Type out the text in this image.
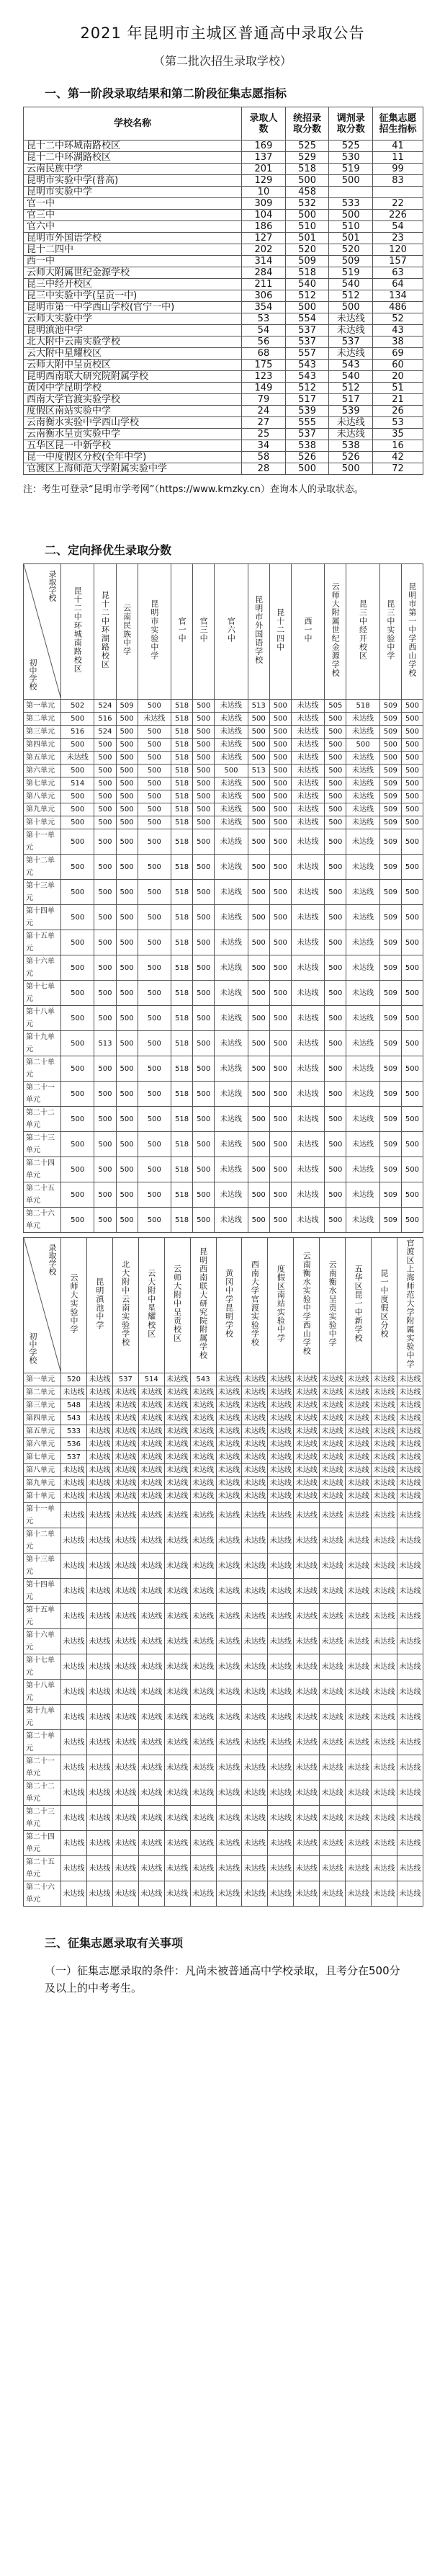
2021 年昆明市主城区普通高中录取公告
（第二批次招生录取学校）
一、第一阶段录取结果和第二阶段征集志愿指标
学校名称	录取人数	统招录取分数	调剂录取分数	征集志愿招生指标
昆十二中环城南路校区	169	525	525	41
昆十二中环湖路校区	137	529	530	11
云南民族中学	201	518	519	99
昆明市实验中学(普高)	129	500	500	83
昆明市实验中学	10	458		
官一中	309	532	533	22
官三中	104	500	500	226
官六中	186	510	510	54
昆明市外国语学校	127	501	501	23
昆十二四中	202	520	520	120
西一中	314	509	509	157
云师大附属世纪金源学校	284	518	519	63
昆三中经开校区	211	540	540	64
昆三中实验中学(呈贡一中)	306	512	512	134
昆明市第一中学西山学校(官宁一中)	354	500	500	486
云师大实验中学	53	554	未达线	52
昆明滇池中学	54	537	未达线	43
北大附中云南实验学校	56	537	537	38
云大附中星耀校区	68	557	未达线	69
云师大附中呈贡校区	175	543	543	60
昆明西南联大研究院附属学校	123	543	540	20
黄冈中学昆明学校	149	512	512	51
西南大学官渡实验学校	79	517	517	21
度假区南站实验中学	24	539	539	26
云南衡水实验中学西山学校	27	555	未达线	53
云南衡水呈贡实验中学	25	537	未达线	35
五华区昆一中新学校	34	538	538	16
昆一中度假区分校(全年中学)	58	526	526	42
官渡区上海师范大学附属实验中学	28	500	500	72
注：考生可登录“昆明市学考网”（https://www.kmzky.cn）查询本人的录取状态。
二、定向择优生录取分数
录取学校
初中学校	昆十二中环城南路校区	昆十二中环湖路校区	云南民族中学	昆明市实验中学	官一中	官三中	官六中	昆明市外国语学校	昆十二四中	西一中	云师大附属世纪金源学校	昆三中经开校区	昆三中实验中学	昆明市第一中学西山学校
第一单元	502	524	509	500	518	500	未达线	513	500	未达线	505	518	509	500
第二单元	500	516	500	未达线	518	500	未达线	500	500	未达线	500	未达线	509	500
第三单元	516	524	500	500	518	500	未达线	500	500	未达线	500	未达线	509	500
第四单元	500	500	500	500	518	500	未达线	500	500	未达线	500	500	500	500
第五单元	未达线	500	500	500	518	500	未达线	500	500	未达线	500	未达线	500	500
第六单元	500	500	500	500	518	500	500	513	500	未达线	500	未达线	509	500
第七单元	514	500	500	500	518	500	未达线	500	500	未达线	500	未达线	509	500
第八单元	500	500	500	500	518	500	未达线	500	500	未达线	500	未达线	509	500
第九单元	500	500	500	500	518	500	未达线	500	500	未达线	500	未达线	509	500
第十单元	500	500	500	500	518	500	未达线	500	500	未达线	500	未达线	509	500
第十一单元	500	500	500	500	518	500	未达线	500	500	未达线	500	未达线	509	500
第十二单元	500	500	500	500	518	500	未达线	500	500	未达线	500	未达线	509	500
第十三单元	500	500	500	500	518	500	未达线	500	500	未达线	500	未达线	509	500
第十四单元	500	500	500	500	518	500	未达线	500	500	未达线	500	未达线	509	500
第十五单元	500	500	500	500	518	500	未达线	500	500	未达线	500	未达线	509	500
第十六单元	500	500	500	500	518	500	未达线	500	500	未达线	500	未达线	509	500
第十七单元	500	500	500	500	518	500	未达线	500	500	未达线	500	未达线	509	500
第十八单元	500	500	500	500	518	500	未达线	500	500	未达线	500	未达线	509	500
第十九单元	500	513	500	500	518	500	未达线	500	500	未达线	500	未达线	509	500
第二十单元	500	500	500	500	518	500	未达线	500	500	未达线	500	未达线	509	500
第二十一单元	500	500	500	500	518	500	未达线	500	500	未达线	500	未达线	509	500
第二十二单元	500	500	500	500	518	500	未达线	500	500	未达线	500	未达线	509	500
第二十三单元	500	500	500	500	518	500	未达线	500	500	未达线	500	未达线	509	500
第二十四单元	500	500	500	500	518	500	未达线	500	500	未达线	500	未达线	509	500
第二十五单元	500	500	500	500	518	500	未达线	500	500	未达线	500	未达线	509	500
第二十六单元	500	500	500	500	518	500	未达线	500	500	未达线	500	未达线	509	500
录取学校
初中学校	云师大实验中学	昆明滇池中学	北大附中云南实验学校	云大附中星耀校区	云师大附中呈贡校区	昆明西南联大研究院附属学校	黄冈中学昆明学校	西南大学官渡实验学校	度假区南站实验中学	云南衡水实验中学西山学校	云南衡水呈贡实验中学	五华区昆一中新学校	昆一中度假区分校	官渡区上海师范大学附属实验中学
第一单元	520	未达线	537	514	未达线	543	未达线	未达线	未达线	未达线	未达线	未达线	未达线	未达线
第二单元	未达线	未达线	未达线	未达线	未达线	未达线	未达线	未达线	未达线	未达线	未达线	未达线	未达线	未达线
第三单元	548	未达线	未达线	未达线	未达线	未达线	未达线	未达线	未达线	未达线	未达线	未达线	未达线	未达线
第四单元	543	未达线	未达线	未达线	未达线	未达线	未达线	未达线	未达线	未达线	未达线	未达线	未达线	未达线
第五单元	533	未达线	未达线	未达线	未达线	未达线	未达线	未达线	未达线	未达线	未达线	未达线	未达线	未达线
第六单元	536	未达线	未达线	未达线	未达线	未达线	未达线	未达线	未达线	未达线	未达线	未达线	未达线	未达线
第七单元	537	未达线	未达线	未达线	未达线	未达线	未达线	未达线	未达线	未达线	未达线	未达线	未达线	未达线
第八单元	未达线	未达线	未达线	未达线	未达线	未达线	未达线	未达线	未达线	未达线	未达线	未达线	未达线	未达线
第九单元	未达线	未达线	未达线	未达线	未达线	未达线	未达线	未达线	未达线	未达线	未达线	未达线	未达线	未达线
第十单元	未达线	未达线	未达线	未达线	未达线	未达线	未达线	未达线	未达线	未达线	未达线	未达线	未达线	未达线
第十一单元	未达线	未达线	未达线	未达线	未达线	未达线	未达线	未达线	未达线	未达线	未达线	未达线	未达线	未达线
第十二单元	未达线	未达线	未达线	未达线	未达线	未达线	未达线	未达线	未达线	未达线	未达线	未达线	未达线	未达线
第十三单元	未达线	未达线	未达线	未达线	未达线	未达线	未达线	未达线	未达线	未达线	未达线	未达线	未达线	未达线
第十四单元	未达线	未达线	未达线	未达线	未达线	未达线	未达线	未达线	未达线	未达线	未达线	未达线	未达线	未达线
第十五单元	未达线	未达线	未达线	未达线	未达线	未达线	未达线	未达线	未达线	未达线	未达线	未达线	未达线	未达线
第十六单元	未达线	未达线	未达线	未达线	未达线	未达线	未达线	未达线	未达线	未达线	未达线	未达线	未达线	未达线
第十七单元	未达线	未达线	未达线	未达线	未达线	未达线	未达线	未达线	未达线	未达线	未达线	未达线	未达线	未达线
第十八单元	未达线	未达线	未达线	未达线	未达线	未达线	未达线	未达线	未达线	未达线	未达线	未达线	未达线	未达线
第十九单元	未达线	未达线	未达线	未达线	未达线	未达线	未达线	未达线	未达线	未达线	未达线	未达线	未达线	未达线
第二十单元	未达线	未达线	未达线	未达线	未达线	未达线	未达线	未达线	未达线	未达线	未达线	未达线	未达线	未达线
第二十一单元	未达线	未达线	未达线	未达线	未达线	未达线	未达线	未达线	未达线	未达线	未达线	未达线	未达线	未达线
第二十二单元	未达线	未达线	未达线	未达线	未达线	未达线	未达线	未达线	未达线	未达线	未达线	未达线	未达线	未达线
第二十三单元	未达线	未达线	未达线	未达线	未达线	未达线	未达线	未达线	未达线	未达线	未达线	未达线	未达线	未达线
第二十四单元	未达线	未达线	未达线	未达线	未达线	未达线	未达线	未达线	未达线	未达线	未达线	未达线	未达线	未达线
第二十五单元	未达线	未达线	未达线	未达线	未达线	未达线	未达线	未达线	未达线	未达线	未达线	未达线	未达线	未达线
第二十六单元	未达线	未达线	未达线	未达线	未达线	未达线	未达线	未达线	未达线	未达线	未达线	未达线	未达线	未达线
三、征集志愿录取有关事项
（一）征集志愿录取的条件：凡尚未被普通高中学校录取，且考分在500分及以上的中考考生。
